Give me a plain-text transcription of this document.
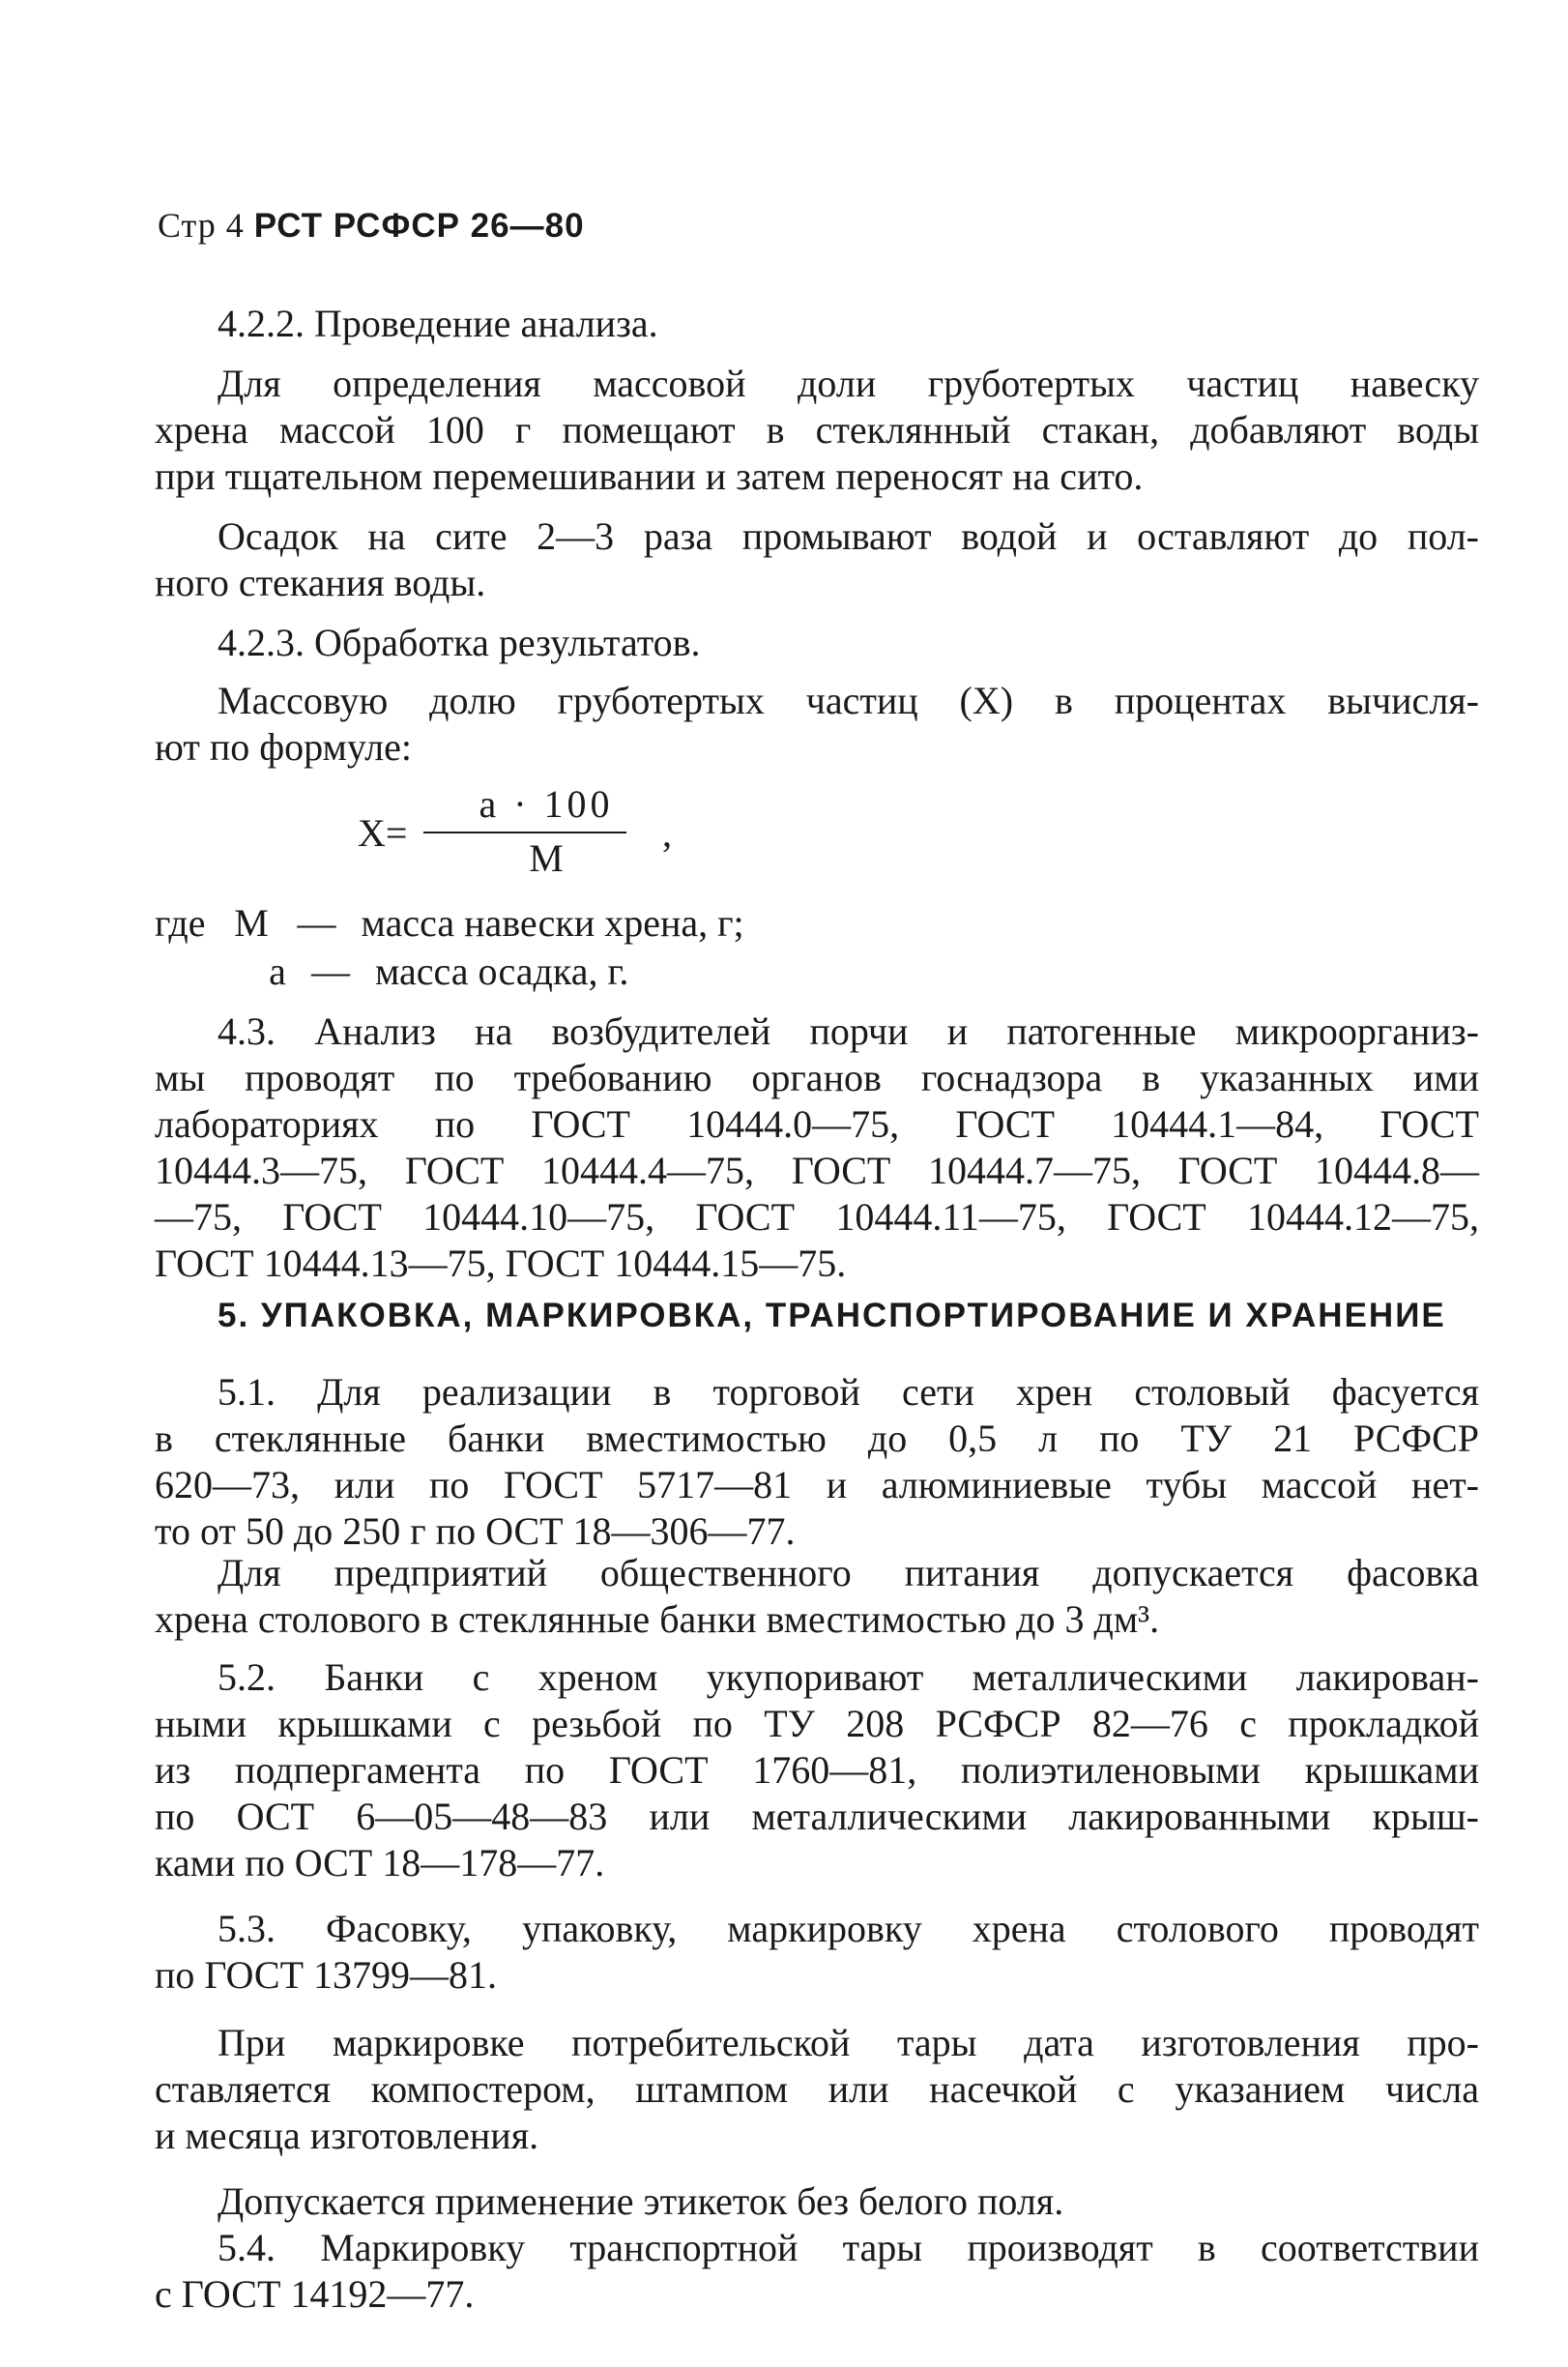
Стр 4 РСТ РСФСР 26—80
4.2.2. Проведение анализа.
Для определения массовой доли груботертых частиц навеску
хрена массой 100 г помещают в стеклянный стакан, добавляют воды
при тщательном перемешивании и затем переносят на сито.
Осадок на сите 2—3 раза промывают водой и оставляют до пол-
ного стекания воды.
4.2.3. Обработка результатов.
Массовую долю груботертых частиц (Х) в процентах вычисля-
ют по формуле:
X=
а · 100
М
,
где М — масса навески хрена, г;
а — масса осадка, г.
4.3. Анализ на возбудителей порчи и патогенные микроорганиз-
мы проводят по требованию органов госнадзора в указанных ими
лабораториях по ГОСТ 10444.0—75, ГОСТ 10444.1—84, ГОСТ
10444.3—75, ГОСТ 10444.4—75, ГОСТ 10444.7—75, ГОСТ 10444.8—
—75, ГОСТ 10444.10—75, ГОСТ 10444.11—75, ГОСТ 10444.12—75,
ГОСТ 10444.13—75, ГОСТ 10444.15—75.
5. УПАКОВКА, МАРКИРОВКА, ТРАНСПОРТИРОВАНИЕ И ХРАНЕНИЕ
5.1. Для реализации в торговой сети хрен столовый фасуется
в стеклянные банки вместимостью до 0,5 л по ТУ 21 РСФСР
620—73, или по ГОСТ 5717—81 и алюминиевые тубы массой нет-
то от 50 до 250 г по ОСТ 18—306—77.
Для предприятий общественного питания допускается фасовка
хрена столового в стеклянные банки вместимостью до 3 дм³.
5.2. Банки с хреном укупоривают металлическими лакирован-
ными крышками с резьбой по ТУ 208 РСФСР 82—76 с прокладкой
из подпергамента по ГОСТ 1760—81, полиэтиленовыми крышками
по ОСТ 6—05—48—83 или металлическими лакированными крыш-
ками по ОСТ 18—178—77.
5.3. Фасовку, упаковку, маркировку хрена столового проводят
по ГОСТ 13799—81.
При маркировке потребительской тары дата изготовления про-
ставляется компостером, штампом или насечкой с указанием числа
и месяца изготовления.
Допускается применение этикеток без белого поля.
5.4. Маркировку транспортной тары производят в соответствии
с ГОСТ 14192—77.
